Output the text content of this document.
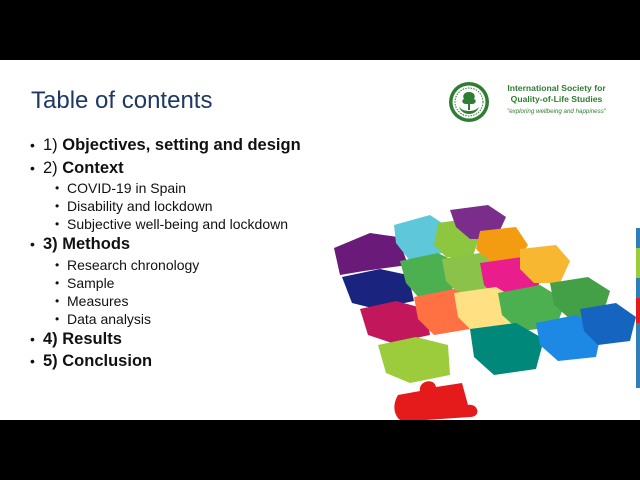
Table of contents
• 1) Objectives, setting and design
• 2) Context
• COVID-19 in Spain
• Disability and lockdown
• Subjective well-being and lockdown
• 3) Methods
• Research chronology
• Sample
• Measures
• Data analysis
• 4) Results
• 5) Conclusion
International Society for
Quality-of-Life Studies
"exploring wellbeing and happiness"
